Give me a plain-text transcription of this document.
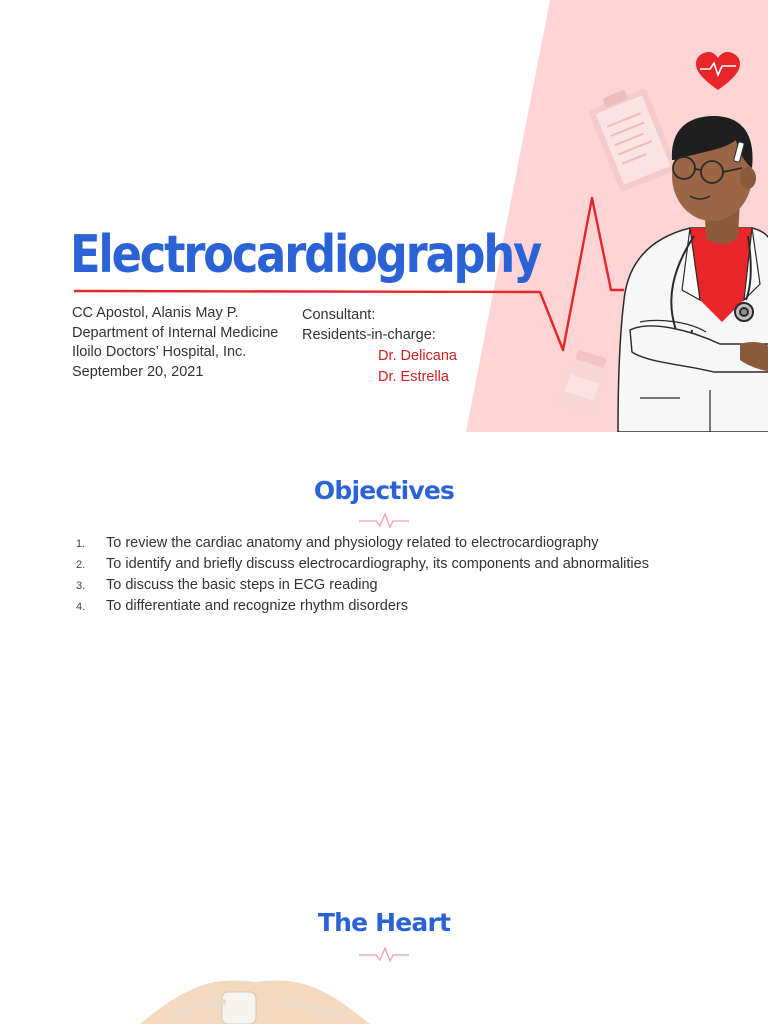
Electrocardiography
CC Apostol, Alanis May P.
Department of Internal Medicine
Iloilo Doctors’ Hospital, Inc.
September 20, 2021
Consultant:
Residents-in-charge:
Dr. Delicana
Dr. Estrella
Objectives
1.	To review the cardiac anatomy and physiology related to electrocardiography
2.	To identify and briefly discuss electrocardiography, its components and abnormalities
3.	To discuss the basic steps in ECG reading
4.	To differentiate and recognize rhythm disorders
The Heart
